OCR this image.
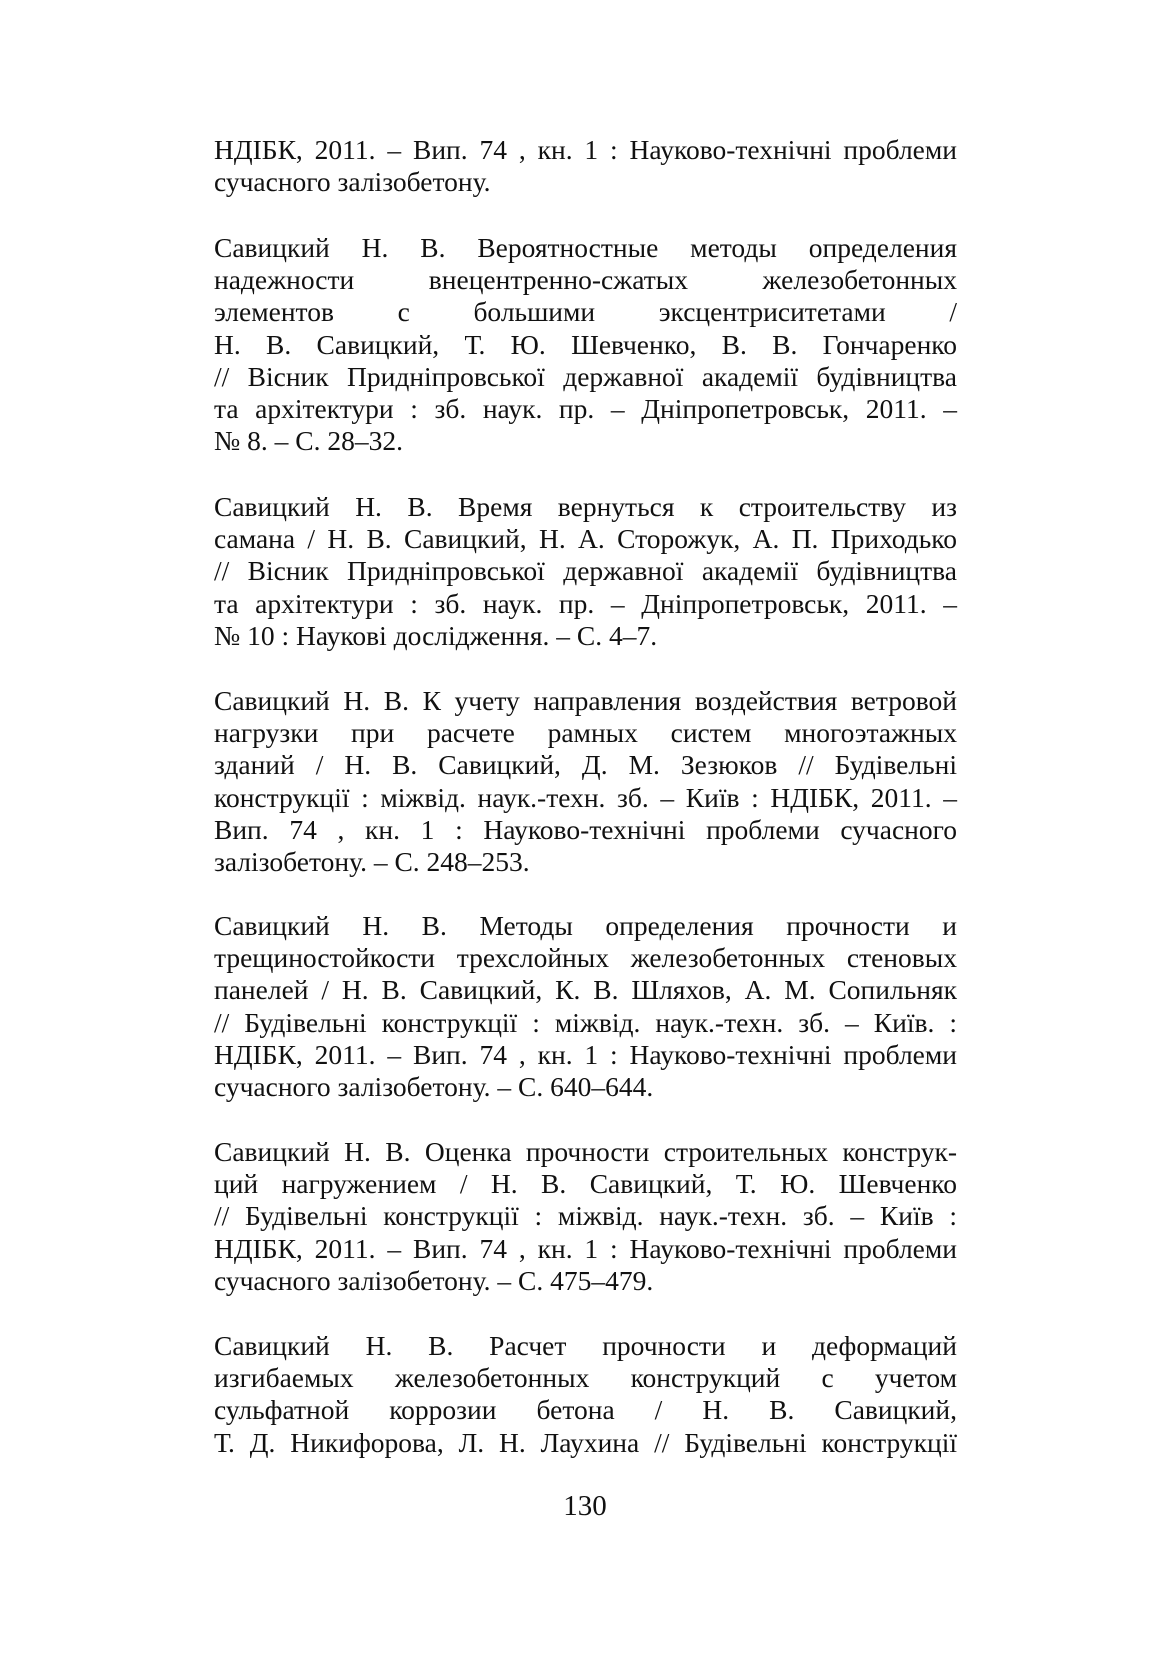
НДІБК, 2011. – Вип. 74 , кн. 1 : Науково-технічні проблеми
сучасного залізобетону.
Савицкий Н. В. Вероятностные методы определения
надежности внецентренно-сжатых железобетонных
элементов с большими эксцентриситетами /
Н. В. Савицкий, Т. Ю. Шевченко, В. В. Гончаренко
// Вісник Придніпровської державної академії будівництва
та архітектури : зб. наук. пр. – Дніпропетровськ, 2011. –
№ 8. – С. 28–32.
Савицкий Н. В. Время вернуться к строительству из
самана / Н. В. Савицкий, Н. А. Сторожук, А. П. Приходько
// Вісник Придніпровської державної академії будівництва
та архітектури : зб. наук. пр. – Дніпропетровськ, 2011. –
№ 10 : Наукові дослідження. – С. 4–7.
Савицкий Н. В. К учету направления воздействия ветровой
нагрузки при расчете рамных систем многоэтажных
зданий / Н. В. Савицкий, Д. М. Зезюков // Будівельні
конструкції : міжвід. наук.-техн. зб. – Київ : НДІБК, 2011. –
Вип. 74 , кн. 1 : Науково-технічні проблеми сучасного
залізобетону. – С. 248–253.
Савицкий Н. В. Методы определения прочности и
трещиностойкости трехслойных железобетонных стеновых
панелей / Н. В. Савицкий, К. В. Шляхов, А. М. Сопильняк
// Будівельні конструкції : міжвід. наук.-техн. зб. – Київ. :
НДІБК, 2011. – Вип. 74 , кн. 1 : Науково-технічні проблеми
сучасного залізобетону. – С. 640–644.
Савицкий Н. В. Оценка прочности строительных конструк-
ций нагружением / Н. В. Савицкий, Т. Ю. Шевченко
// Будівельні конструкції : міжвід. наук.-техн. зб. – Київ :
НДІБК, 2011. – Вип. 74 , кн. 1 : Науково-технічні проблеми
сучасного залізобетону. – С. 475–479.
Савицкий Н. В. Расчет прочности и деформаций
изгибаемых железобетонных конструкций с учетом
сульфатной коррозии бетона / Н. В. Савицкий,
Т. Д. Никифорова, Л. Н. Лаухина // Будівельні конструкції
130
